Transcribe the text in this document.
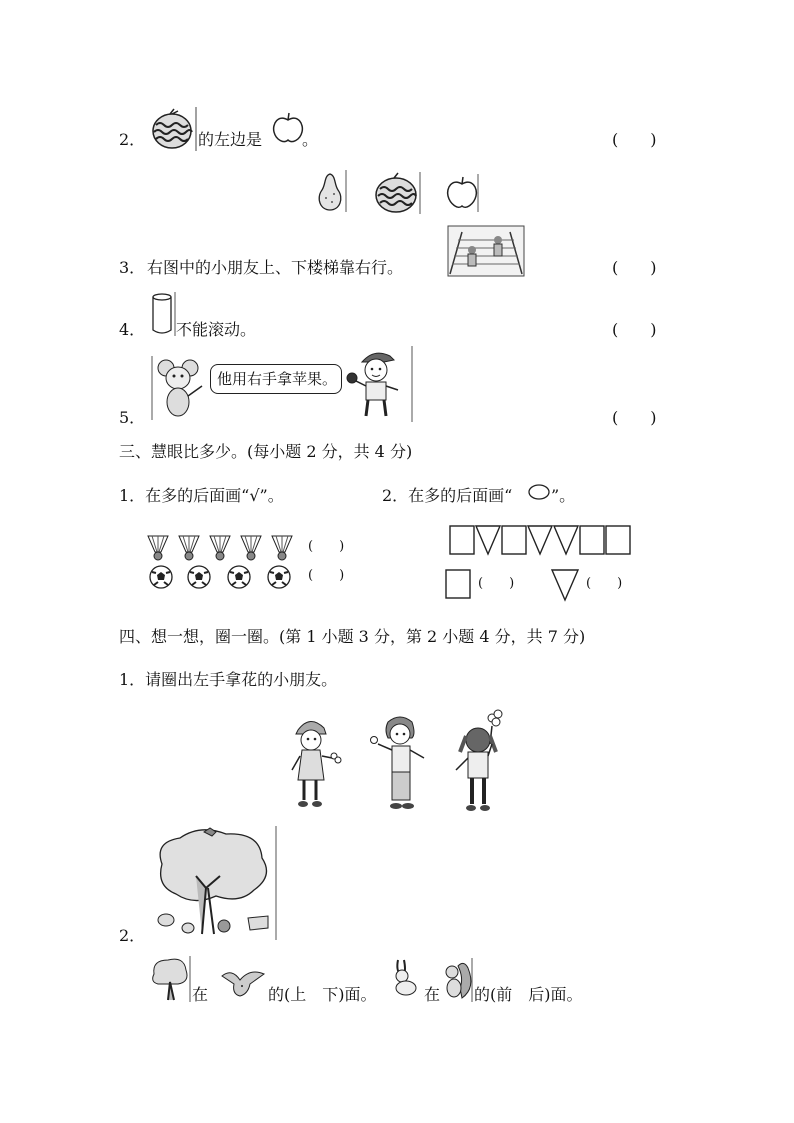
2．	的左边是 。	(　　)
3． 右图中的小朋友上、下楼梯靠右行。	(　　)
4． 不能滚动。	(　　)
他用右手拿苹果。
5．	(　　)
三、慧眼比多少。(每小题 2 分，共 4 分)
1．在多的后面画“√”。	2．在多的后面画“ ”。
(　　)
(　　)
(　　)	(　　)
四、想一想，圈一圈。(第 1 小题 3 分，第 2 小题 4 分，共 7 分)
1．请圈出左手拿花的小朋友。
2．
在	的(上　下)面。	在 的(前　后)面。
